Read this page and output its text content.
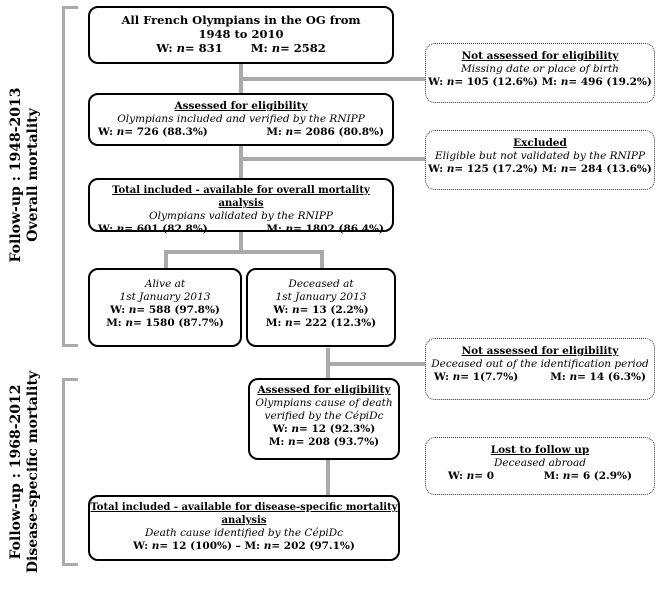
Follow-up : 1948-2013 Overall mortality
Follow-up : 1968-2012 Disease-specific mortality
All French Olympians in the OG from
1948 to 2010
W: n= 831 M: n= 2582
Not assessed for eligibility
Missing date or place of birth
W: n= 105 (12.6%) M: n= 496 (19.2%)
Assessed for eligibility
Olympians included and verified by the RNIPP
W: n= 726 (88.3%)	M: n= 2086 (80.8%)
Excluded
Eligible but not validated by the RNIPP
W: n= 125 (17.2%) M: n= 284 (13.6%)
Total included - available for overall mortality analysis
Olympians validated by the RNIPP
W: n= 601 (82.8%)	M: n= 1802 (86.4%)
Alive at
1st January 2013
W: n= 588 (97.8%)
M: n= 1580 (87.7%)
Deceased at
1st January 2013
W: n= 13 (2.2%)
M: n= 222 (12.3%)
Not assessed for eligibility
Deceased out of the identification period
W: n= 1(7.7%)	M: n= 14 (6.3%)
Assessed for eligibility
Olympians cause of death
verified by the CépiDc
W: n= 12 (92.3%)
M: n= 208 (93.7%)
Lost to follow up
Deceased abroad
W: n= 0	M: n= 6 (2.9%)
Total included - available for disease-specific mortality
analysis
Death cause identified by the CépiDc
W: n= 12 (100%) – M: n= 202 (97.1%)
